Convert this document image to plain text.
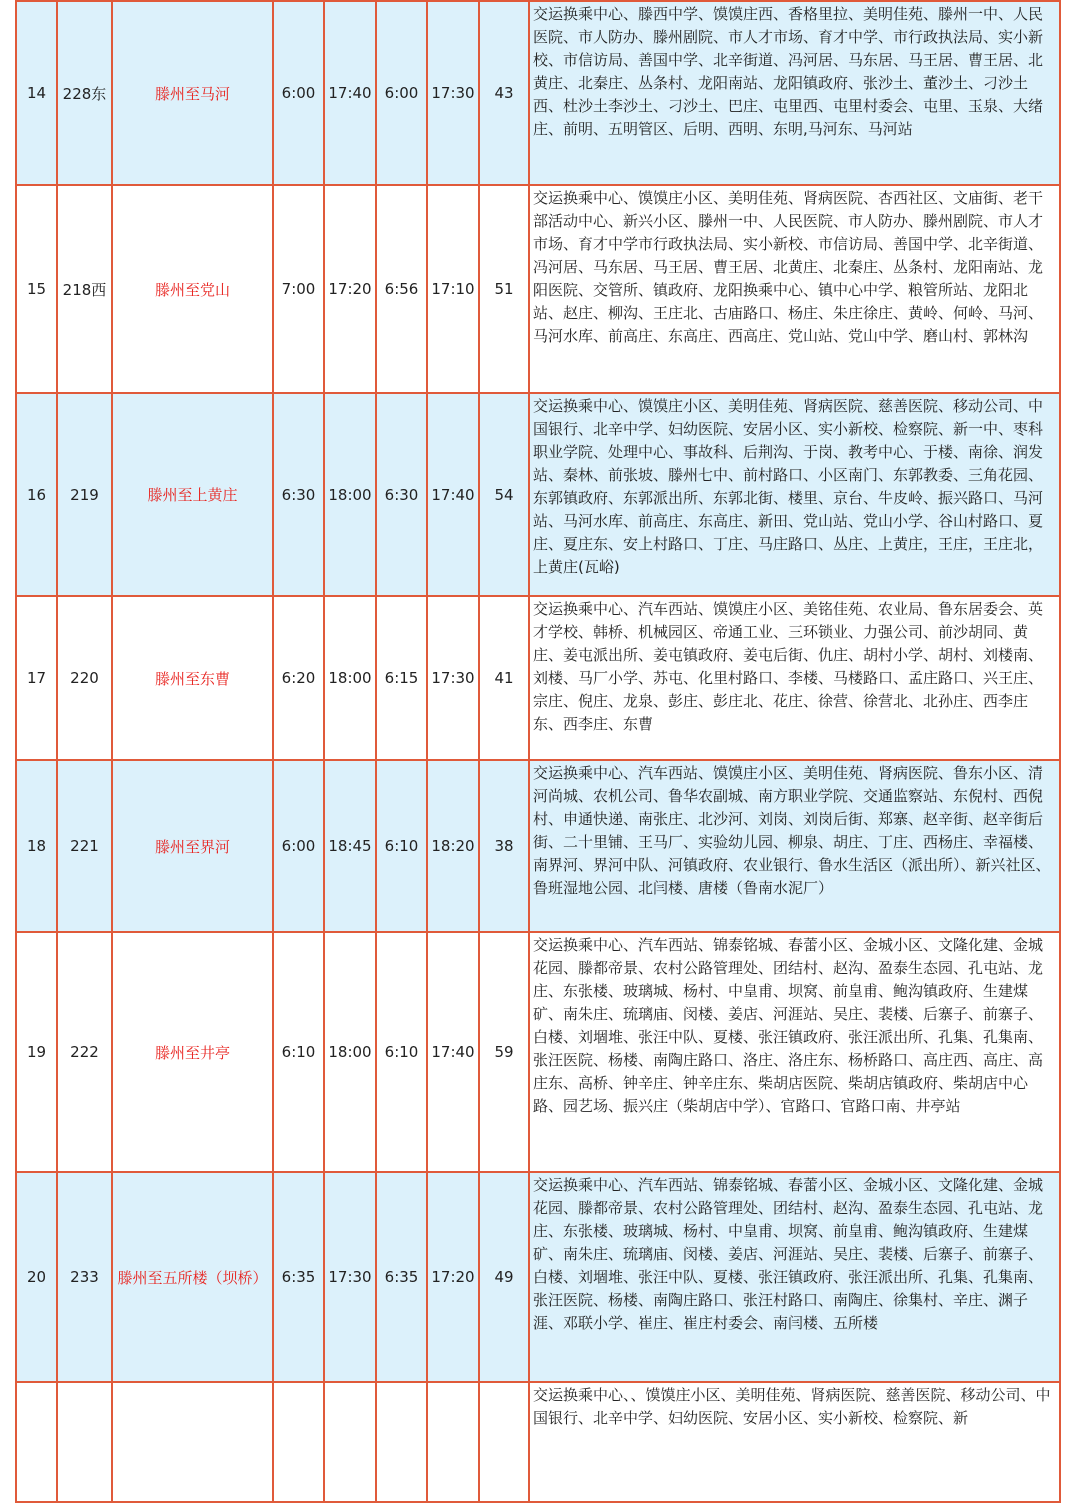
14	228东	滕州至马河	6:00	17:40	6:00	17:30	43	交运换乘中心、滕西中学、馍馍庄西、香格里拉、美明佳苑、滕州一中、人民医院、市人防办、滕州剧院、市人才市场、育才中学、市行政执法局、实小新校、市信访局、善国中学、北辛街道、冯河居、马东居、马王居、曹王居、北黄庄、北秦庄、丛条村、龙阳南站、龙阳镇政府、张沙土、董沙土、刁沙土西、杜沙土李沙土、刁沙土、巴庄、屯里西、屯里村委会、屯里、玉泉、大绪庄、前明、五明管区、后明、西明、东明,马河东、马河站
15	218西	滕州至党山	7:00	17:20	6:56	17:10	51	交运换乘中心、馍馍庄小区、美明佳苑、肾病医院、杏西社区、文庙街、老干部活动中心、新兴小区、滕州一中、人民医院、市人防办、滕州剧院、市人才市场、育才中学市行政执法局、实小新校、市信访局、善国中学、北辛街道、冯河居、马东居、马王居、曹王居、北黄庄、北秦庄、丛条村、龙阳南站、龙阳医院、交管所、镇政府、龙阳换乘中心、镇中心中学、粮管所站、龙阳北站、赵庄、柳沟、王庄北、古庙路口、杨庄、朱庄徐庄、黄岭、何岭、马河、马河水库、前高庄、东高庄、西高庄、党山站、党山中学、磨山村、郭林沟
16	219	滕州至上黄庄	6:30	18:00	6:30	17:40	54	交运换乘中心、馍馍庄小区、美明佳苑、肾病医院、慈善医院、移动公司、中国银行、北辛中学、妇幼医院、安居小区、实小新校、检察院、新一中、枣科职业学院、处理中心、事故科、后荆沟、于岗、教考中心、于楼、南徐、润发站、秦林、前张坡、滕州七中、前村路口、小区南门、东郭教委、三角花园、东郭镇政府、东郭派出所、东郭北街、楼里、京台、牛皮岭、振兴路口、马河站、马河水库、前高庄、东高庄、新田、党山站、党山小学、谷山村路口、夏庄、夏庄东、安上村路口、丁庄、马庄路口、丛庄、上黄庄，王庄，王庄北，上黄庄(瓦峪)
17	220	滕州至东曹	6:20	18:00	6:15	17:30	41	交运换乘中心、汽车西站、馍馍庄小区、美铭佳苑、农业局、鲁东居委会、英才学校、韩桥、机械园区、帝通工业、三环锁业、力强公司、前沙胡同、黄庄、姜屯派出所、姜屯镇政府、姜屯后街、仇庄、胡村小学、胡村、刘楼南、刘楼、马厂小学、苏屯、化里村路口、李楼、马楼路口、孟庄路口、兴王庄、宗庄、倪庄、龙泉、彭庄、彭庄北、花庄、徐营、徐营北、北孙庄、西李庄东、西李庄、东曹
18	221	滕州至界河	6:00	18:45	6:10	18:20	38	交运换乘中心、汽车西站、馍馍庄小区、美明佳苑、肾病医院、鲁东小区、清河尚城、农机公司、鲁华农副城、南方职业学院、交通监察站、东倪村、西倪村、申通快递、南张庄、北沙河、刘岗、刘岗后街、郑寨、赵辛街、赵辛街后街、二十里铺、王马厂、实验幼儿园、柳泉、胡庄、丁庄、西杨庄、幸福楼、南界河、界河中队、河镇政府、农业银行、鲁水生活区（派出所）、新兴社区、鲁班湿地公园、北闫楼、唐楼（鲁南水泥厂）
19	222	滕州至井亭	6:10	18:00	6:10	17:40	59	交运换乘中心、汽车西站、锦泰铭城、春蕾小区、金城小区、文隆化建、金城花园、滕都帝景、农村公路管理处、团结村、赵沟、盈泰生态园、孔屯站、龙庄、东张楼、玻璃城、杨村、中皇甫、坝窝、前皇甫、鲍沟镇政府、生建煤矿、南朱庄、琉璃庙、闵楼、姜店、河涯站、吴庄、裴楼、后寨子、前寨子、白楼、刘堌堆、张汪中队、夏楼、张汪镇政府、张汪派出所、孔集、孔集南、张汪医院、杨楼、南陶庄路口、洛庄、洛庄东、杨桥路口、高庄西、高庄、高庄东、高桥、钟辛庄、钟辛庄东、柴胡店医院、柴胡店镇政府、柴胡店中心路、园艺场、振兴庄（柴胡店中学）、官路口、官路口南、井亭站
20	233	滕州至五所楼（坝桥）	6:35	17:30	6:35	17:20	49	交运换乘中心、汽车西站、锦泰铭城、春蕾小区、金城小区、文隆化建、金城花园、滕都帝景、农村公路管理处、团结村、赵沟、盈泰生态园、孔屯站、龙庄、东张楼、玻璃城、杨村、中皇甫、坝窝、前皇甫、鲍沟镇政府、生建煤矿、南朱庄、琉璃庙、闵楼、姜店、河涯站、吴庄、裴楼、后寨子、前寨子、白楼、刘堌堆、张汪中队、夏楼、张汪镇政府、张汪派出所、孔集、孔集南、张汪医院、杨楼、南陶庄路口、张汪村路口、南陶庄、徐集村、辛庄、渊子涯、邓联小学、崔庄、崔庄村委会、南闫楼、五所楼
								交运换乘中心、、馍馍庄小区、美明佳苑、肾病医院、慈善医院、移动公司、中国银行、北辛中学、妇幼医院、安居小区、实小新校、检察院、新
